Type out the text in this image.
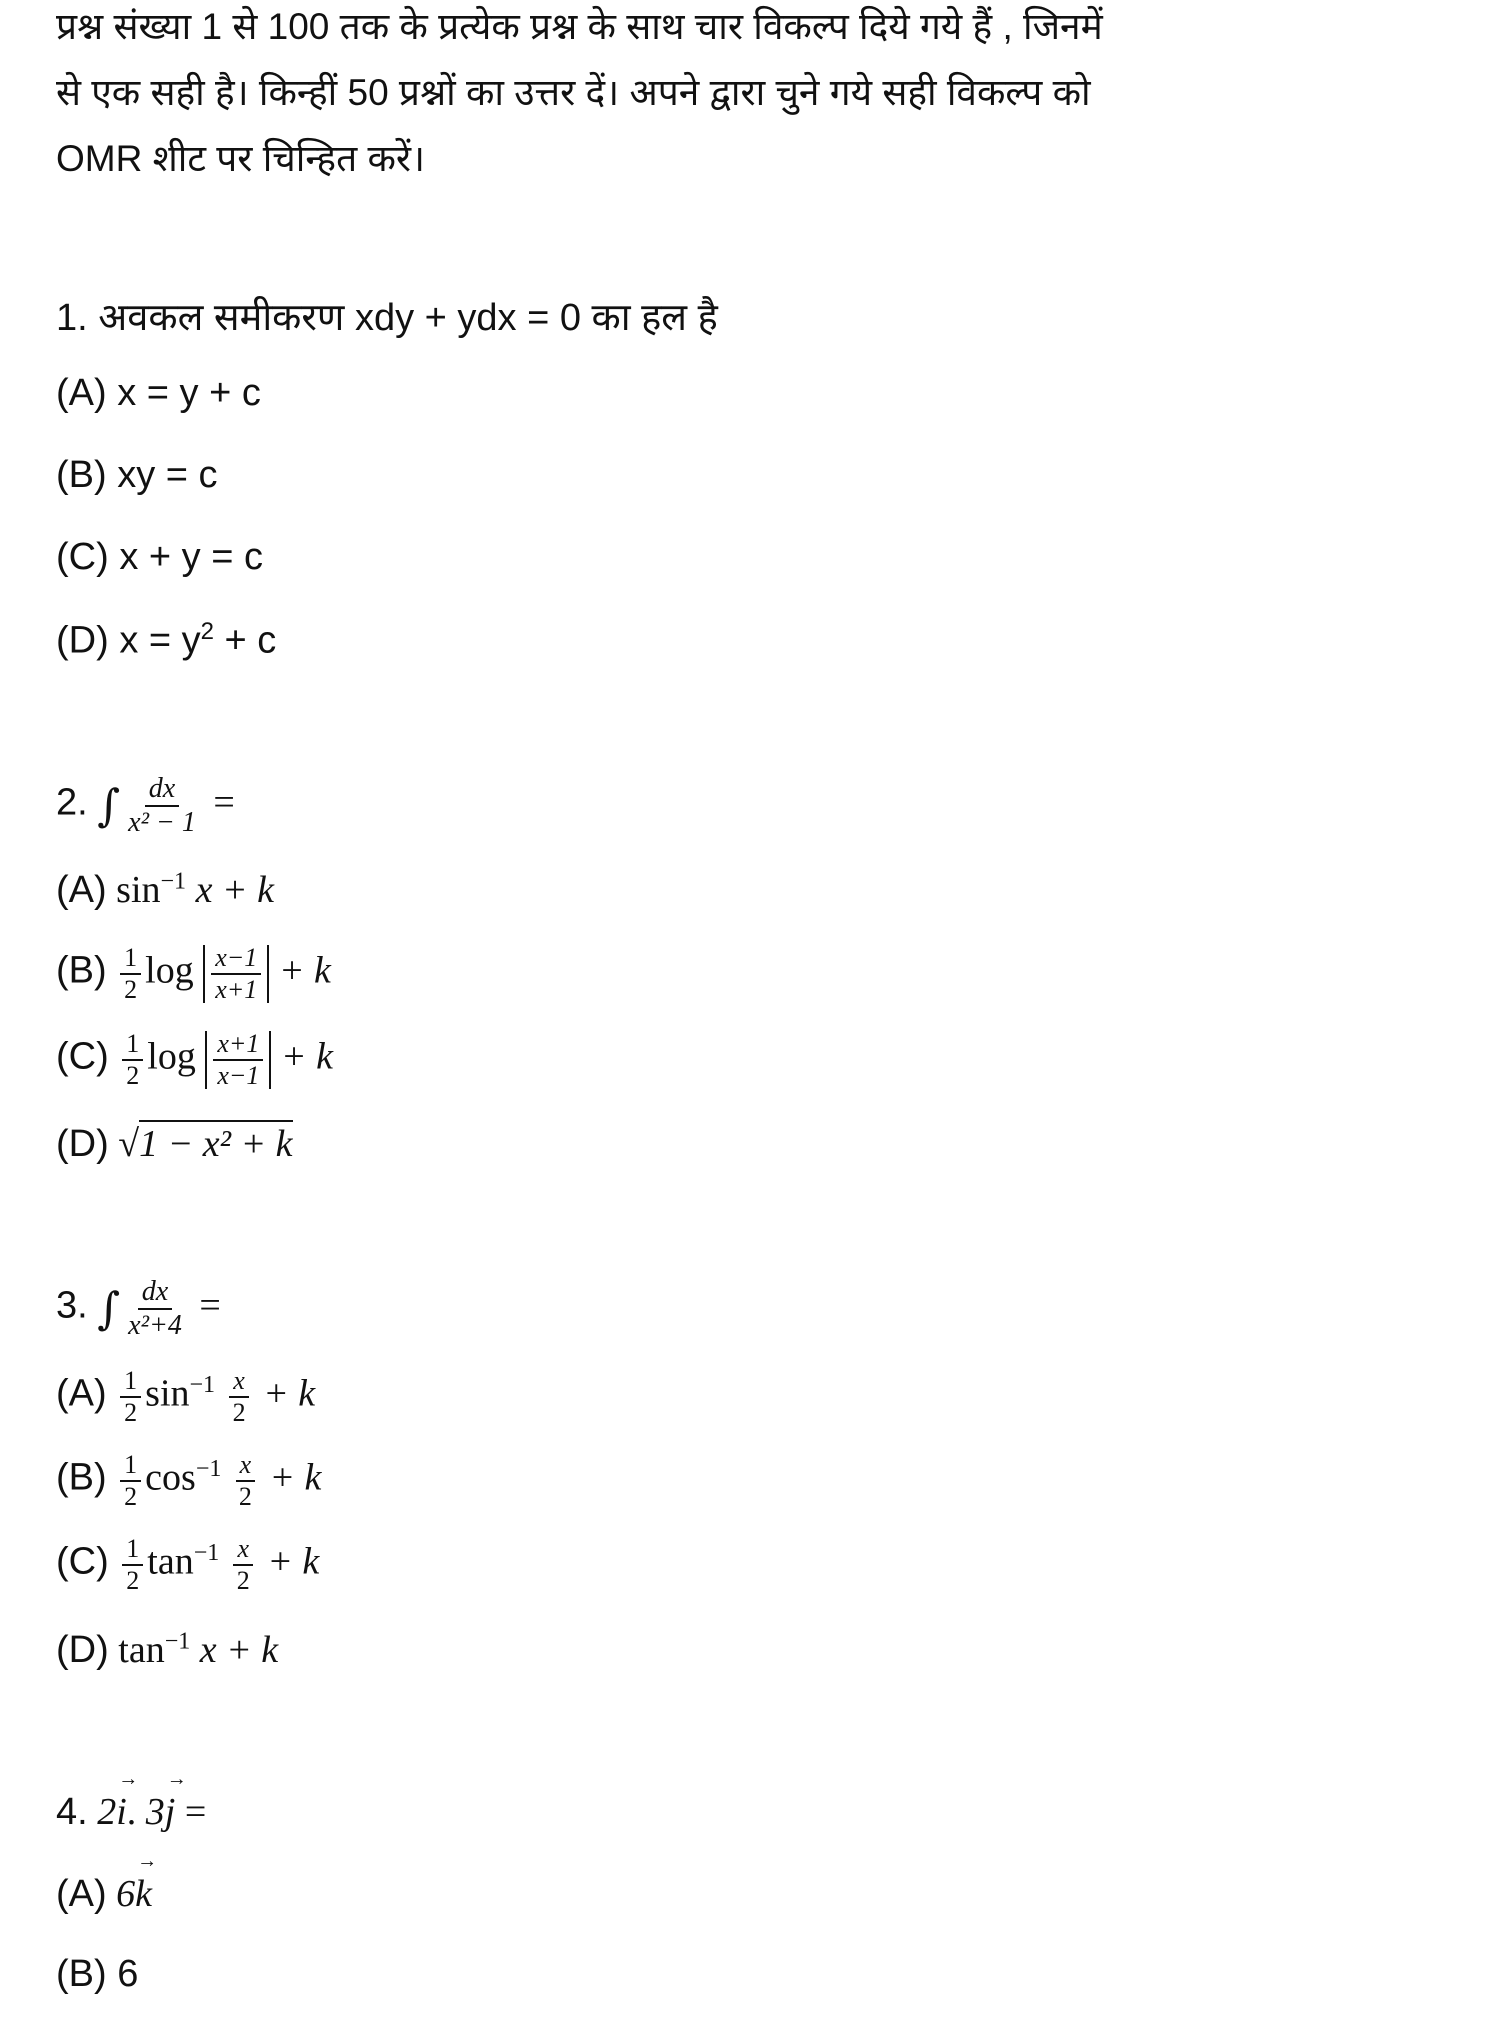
प्रश्न संख्या 1 से 100 तक के प्रत्येक प्रश्न के साथ चार विकल्प दिये गये हैं , जिनमें
से एक सही है। किन्हीं 50 प्रश्नों का उत्तर दें। अपने द्वारा चुने गये सही विकल्प को
OMR शीट पर चिन्हित करें।
1. अवकल समीकरण xdy + ydx = 0 का हल है
(A) x = y + c
(B) xy = c
(C) x + y = c
(D) $x = y^2 + c$
2. ∫ $\frac{dx}{\text{x² − 1}}$ =
(A) $\sin^{-1} x + k$
$(B) \frac{1}{2}$ $\log \frac{x-1}{x+1} + k$
$(C) \frac{1}{2}$ $\log \frac{x+1}{x-1} + k$
(D) √1 − x² + k
3. ∫ $\frac{dx}{\text{x²+4}}$ =
$(A) \frac{1}{2} \sin^{-1} \frac{x}{2} + k$
$(B) \frac{1}{2} \cos^{-1} \frac{x}{2} + k$
$(C) \frac{1}{2} \tan^{-1} \frac{x}{2} + k$
(D) $\tan^{-1} x + k$
4. 2→ i. 3→ j =
(A) 6→ k
(B) 6
